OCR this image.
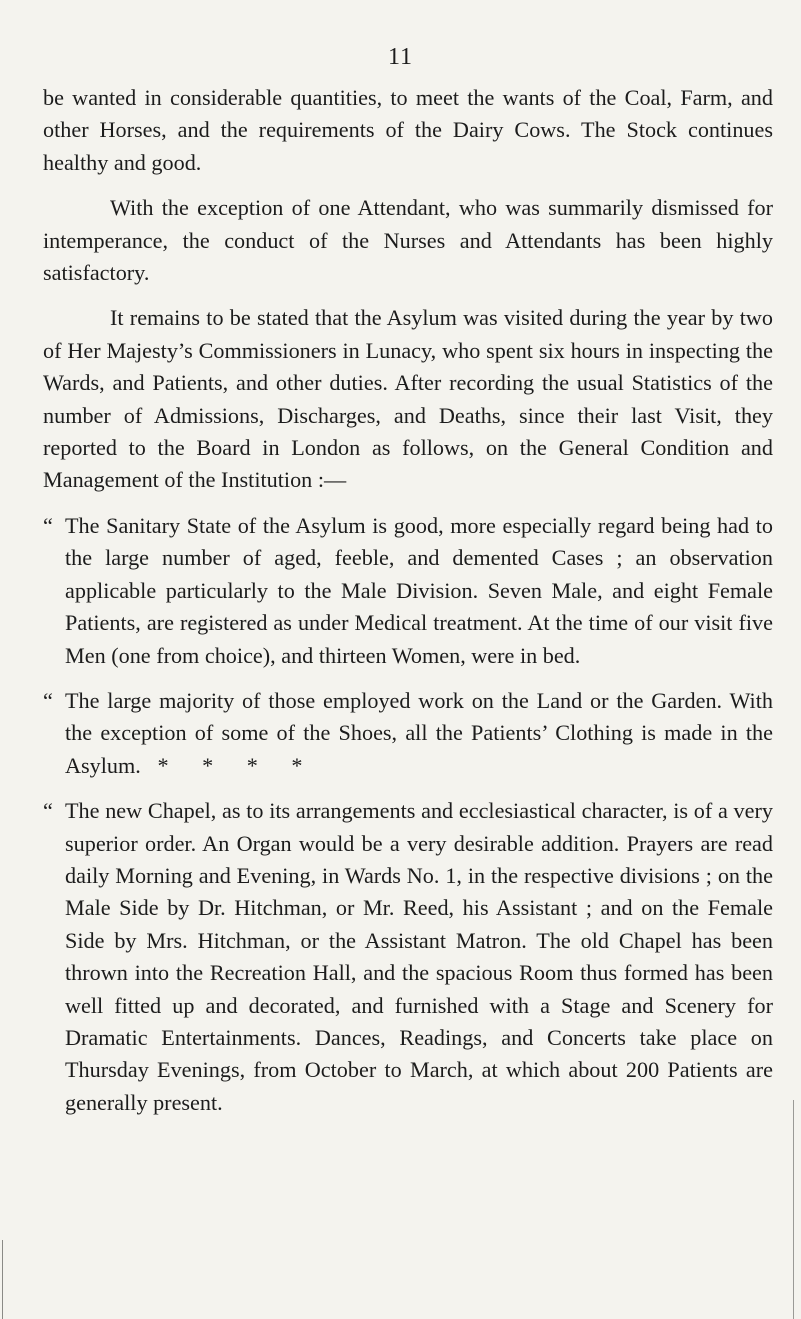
11

be wanted in considerable quantities, to meet the wants of the Coal, Farm, and other Horses, and the requirements of the Dairy Cows. The Stock continues healthy and good.

With the exception of one Attendant, who was summarily dismissed for intemperance, the conduct of the Nurses and Attendants has been highly satisfactory.

It remains to be stated that the Asylum was visited during the year by two of Her Majesty’s Commissioners in Lunacy, who spent six hours in inspecting the Wards, and Patients, and other duties. After recording the usual Statistics of the number of Admissions, Discharges, and Deaths, since their last Visit, they reported to the Board in London as follows, on the General Condition and Management of the Institution :—

“ The Sanitary State of the Asylum is good, more especially regard being had to the large number of aged, feeble, and demented Cases ; an observation applicable particularly to the Male Division. Seven Male, and eight Female Patients, are registered as under Medical treatment. At the time of our visit five Men (one from choice), and thirteen Women, were in bed.

“ The large majority of those employed work on the Land or the Garden. With the exception of some of the Shoes, all the Patients’ Clothing is made in the Asylum. * * * *

“ The new Chapel, as to its arrangements and ecclesiastical character, is of a very superior order. An Organ would be a very desirable addition. Prayers are read daily Morning and Evening, in Wards No. 1, in the respective divisions ; on the Male Side by Dr. Hitchman, or Mr. Reed, his Assistant ; and on the Female Side by Mrs. Hitchman, or the Assistant Matron. The old Chapel has been thrown into the Recreation Hall, and the spacious Room thus formed has been well fitted up and decorated, and furnished with a Stage and Scenery for Dramatic Entertainments. Dances, Readings, and Concerts take place on Thursday Evenings, from October to March, at which about 200 Patients are generally present.
